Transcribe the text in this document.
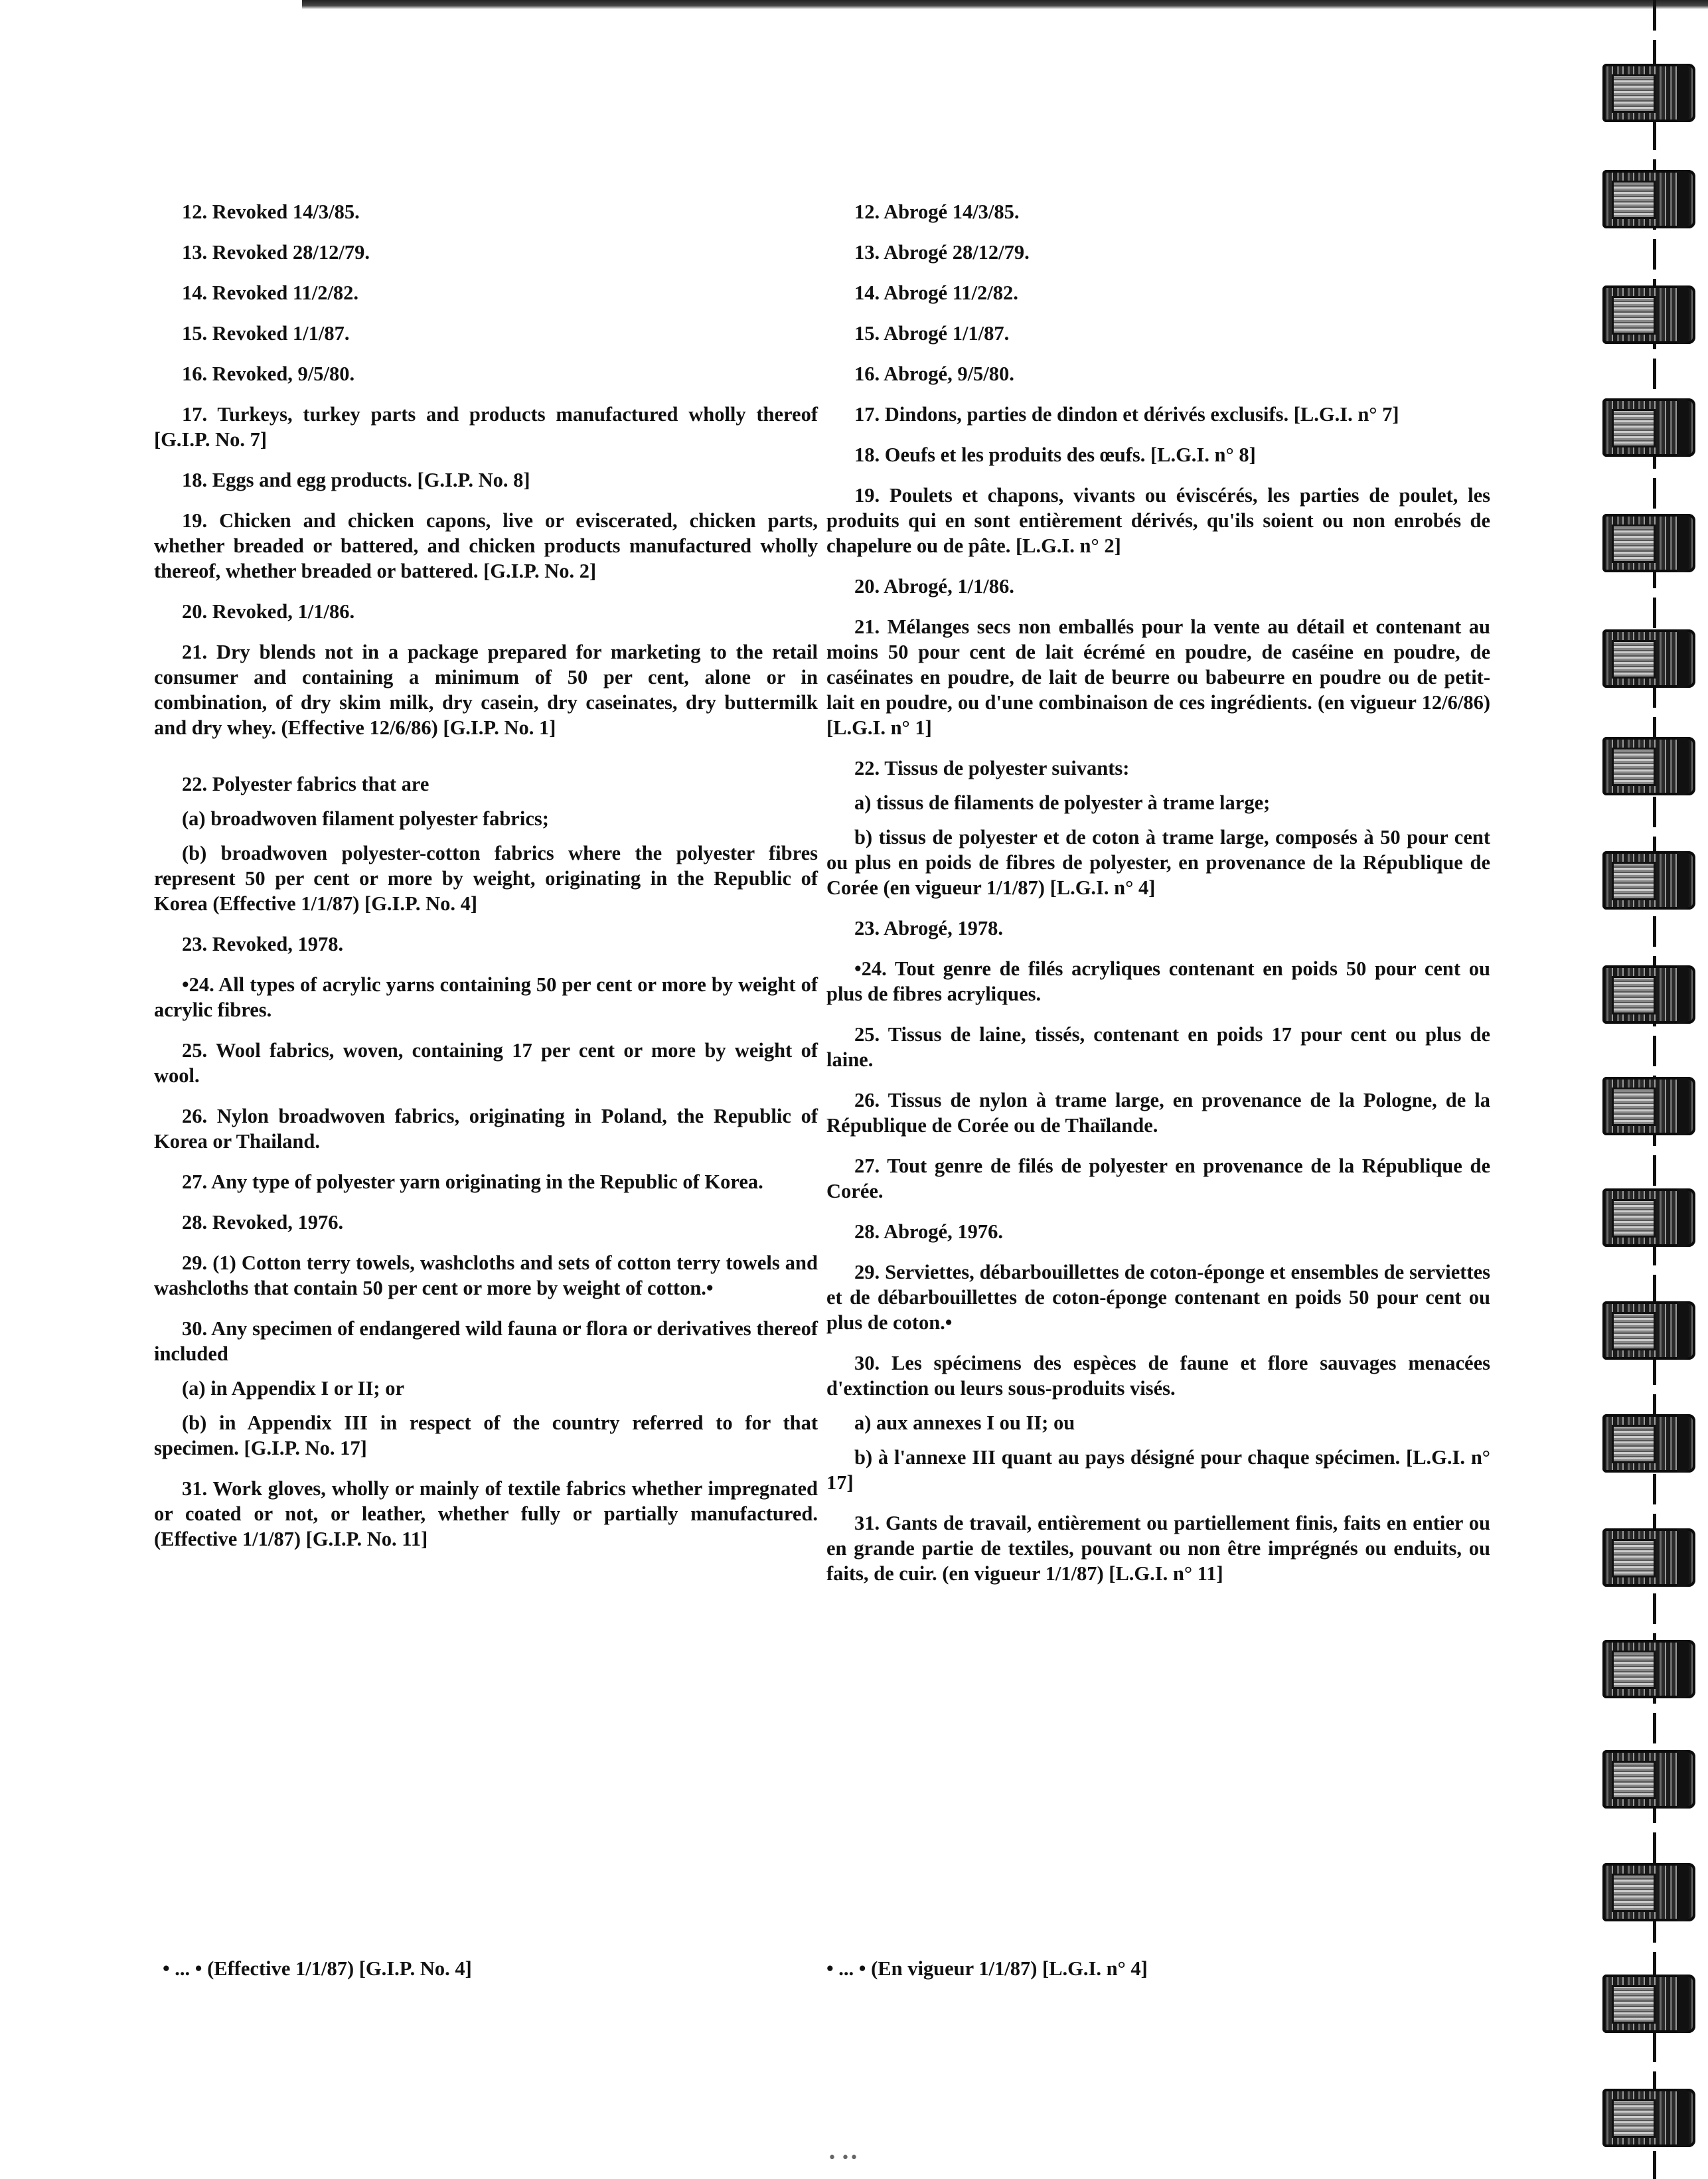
12. Revoked 14/3/85.

13. Revoked 28/12/79.

14. Revoked 11/2/82.

15. Revoked 1/1/87.

16. Revoked, 9/5/80.

17. Turkeys, turkey parts and products manufactured wholly thereof [G.I.P. No. 7]

18. Eggs and egg products. [G.I.P. No. 8]

19. Chicken and chicken capons, live or eviscerated, chicken parts, whether breaded or battered, and chicken products manufactured wholly thereof, whether breaded or battered. [G.I.P. No. 2]

20. Revoked, 1/1/86.

21. Dry blends not in a package prepared for marketing to the retail consumer and containing a minimum of 50 per cent, alone or in combination, of dry skim milk, dry casein, dry caseinates, dry buttermilk and dry whey. (Effective 12/6/86) [G.I.P. No. 1]

22. Polyester fabrics that are

(a) broadwoven filament polyester fabrics;

(b) broadwoven polyester-cotton fabrics where the polyester fibres represent 50 per cent or more by weight, originating in the Republic of Korea (Effective 1/1/87) [G.I.P. No. 4]

23. Revoked, 1978.

•24. All types of acrylic yarns containing 50 per cent or more by weight of acrylic fibres.

25. Wool fabrics, woven, containing 17 per cent or more by weight of wool.

26. Nylon broadwoven fabrics, originating in Poland, the Republic of Korea or Thailand.

27. Any type of polyester yarn originating in the Republic of Korea.

28. Revoked, 1976.

29. (1) Cotton terry towels, washcloths and sets of cotton terry towels and washcloths that contain 50 per cent or more by weight of cotton.•

30. Any specimen of endangered wild fauna or flora or derivatives thereof included

(a) in Appendix I or II; or

(b) in Appendix III in respect of the country referred to for that specimen. [G.I.P. No. 17]

31. Work gloves, wholly or mainly of textile fabrics whether impregnated or coated or not, or leather, whether fully or partially manufactured. (Effective 1/1/87) [G.I.P. No. 11]

12. Abrogé 14/3/85.

13. Abrogé 28/12/79.

14. Abrogé 11/2/82.

15. Abrogé 1/1/87.

16. Abrogé, 9/5/80.

17. Dindons, parties de dindon et dérivés exclusifs. [L.G.I. n° 7]

18. Oeufs et les produits des œufs. [L.G.I. n° 8]

19. Poulets et chapons, vivants ou éviscérés, les parties de poulet, les produits qui en sont entièrement dérivés, qu'ils soient ou non enrobés de chapelure ou de pâte. [L.G.I. n° 2]

20. Abrogé, 1/1/86.

21. Mélanges secs non emballés pour la vente au détail et contenant au moins 50 pour cent de lait écrémé en poudre, de caséine en poudre, de caséinates en poudre, de lait de beurre ou babeurre en poudre ou de petit-lait en poudre, ou d'une combinaison de ces ingrédients. (en vigueur 12/6/86) [L.G.I. n° 1]

22. Tissus de polyester suivants:

a) tissus de filaments de polyester à trame large;

b) tissus de polyester et de coton à trame large, composés à 50 pour cent ou plus en poids de fibres de polyester, en provenance de la République de Corée (en vigueur 1/1/87) [L.G.I. n° 4]

23. Abrogé, 1978.

•24. Tout genre de filés acryliques contenant en poids 50 pour cent ou plus de fibres acryliques.

25. Tissus de laine, tissés, contenant en poids 17 pour cent ou plus de laine.

26. Tissus de nylon à trame large, en provenance de la Pologne, de la République de Corée ou de Thaïlande.

27. Tout genre de filés de polyester en provenance de la République de Corée.

28. Abrogé, 1976.

29. Serviettes, débarbouillettes de coton-éponge et ensembles de serviettes et de débarbouillettes de coton-éponge contenant en poids 50 pour cent ou plus de coton.•

30. Les spécimens des espèces de faune et flore sauvages menacées d'extinction ou leurs sous-produits visés.

a) aux annexes I ou II; ou

b) à l'annexe III quant au pays désigné pour chaque spécimen. [L.G.I. n° 17]

31. Gants de travail, entièrement ou partiellement finis, faits en entier ou en grande partie de textiles, pouvant ou non être imprégnés ou enduits, ou faits, de cuir. (en vigueur 1/1/87) [L.G.I. n° 11]

• ... • (Effective 1/1/87) [G.I.P. No. 4]	• ... • (En vigueur 1/1/87) [L.G.I. n° 4]
• ••
